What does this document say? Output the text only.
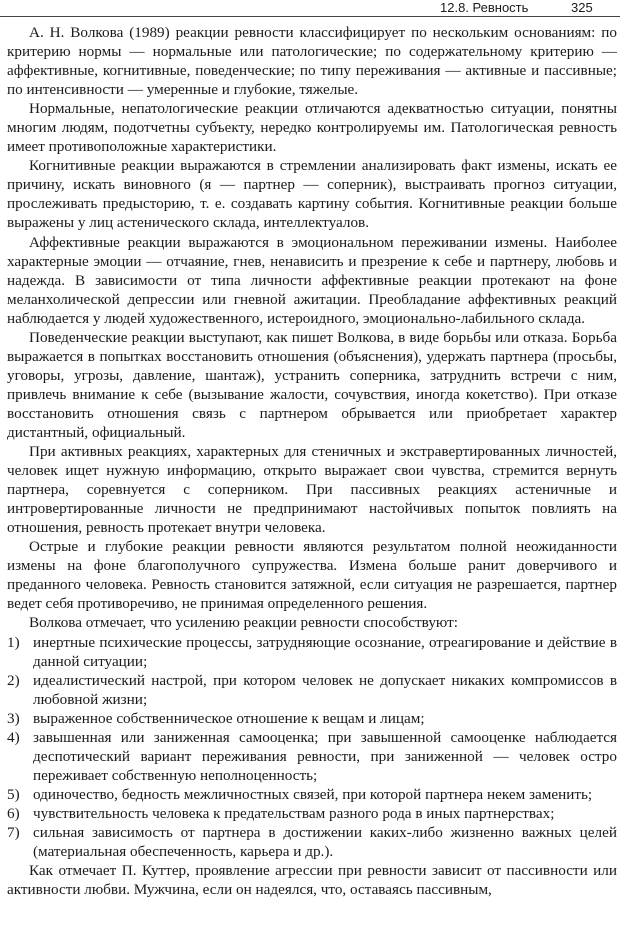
12.8. Ревность	325

А. Н. Волкова (1989) реакции ревности классифицирует по нескольким основаниям: по критерию нормы — нормальные или патологические; по содержательному критерию — аффективные, когнитивные, поведенческие; по типу переживания — активные и пассивные; по интенсивности — умеренные и глубокие, тяжелые.

Нормальные, непатологические реакции отличаются адекватностью ситуации, понятны многим людям, подотчетны субъекту, нередко контролируемы им. Патологическая ревность имеет противоположные характеристики.

Когнитивные реакции выражаются в стремлении анализировать факт измены, искать ее причину, искать виновного (я — партнер — соперник), выстраивать прогноз ситуации, прослеживать предысторию, т. е. создавать картину события. Когнитивные реакции больше выражены у лиц астенического склада, интеллектуалов.

Аффективные реакции выражаются в эмоциональном переживании измены. Наиболее характерные эмоции — отчаяние, гнев, ненависить и презрение к себе и партнеру, любовь и надежда. В зависимости от типа личности аффективные реакции протекают на фоне меланхолической депрессии или гневной ажитации. Преобладание аффективных реакций наблюдается у людей художественного, истероидного, эмоционально-лабильного склада.

Поведенческие реакции выступают, как пишет Волкова, в виде борьбы или отказа. Борьба выражается в попытках восстановить отношения (объяснения), удержать партнера (просьбы, уговоры, угрозы, давление, шантаж), устранить соперника, затруднить встречи с ним, привлечь внимание к себе (вызывание жалости, сочувствия, иногда кокетство). При отказе восстановить отношения связь с партнером обрывается или приобретает характер дистантный, официальный.

При активных реакциях, характерных для стеничных и экстравертированных личностей, человек ищет нужную информацию, открыто выражает свои чувства, стремится вернуть партнера, соревнуется с соперником. При пассивных реакциях астеничные и интровертированные личности не предпринимают настойчивых попыток повлиять на отношения, ревность протекает внутри человека.

Острые и глубокие реакции ревности являются результатом полной неожиданности измены на фоне благополучного супружества. Измена больше ранит доверчивого и преданного человека. Ревность становится затяжной, если ситуация не разрешается, партнер ведет себя противоречиво, не принимая определенного решения.

Волкова отмечает, что усилению реакции ревности способствуют:

1) инертные психические процессы, затрудняющие осознание, отреагирование и действие в данной ситуации;
2) идеалистический настрой, при котором человек не допускает никаких компромиссов в любовной жизни;
3) выраженное собственническое отношение к вещам и лицам;
4) завышенная или заниженная самооценка; при завышенной самооценке наблюдается деспотический вариант переживания ревности, при заниженной — человек остро переживает собственную неполноценность;
5) одиночество, бедность межличностных связей, при которой партнера некем заменить;
6) чувствительность человека к предательствам разного рода в иных партнерствах;
7) сильная зависимость от партнера в достижении каких-либо жизненно важных целей (материальная обеспеченность, карьера и др.).

Как отмечает П. Куттер, проявление агрессии при ревности зависит от пассивности или активности любви. Мужчина, если он надеялся, что, оставаясь пассивным,
